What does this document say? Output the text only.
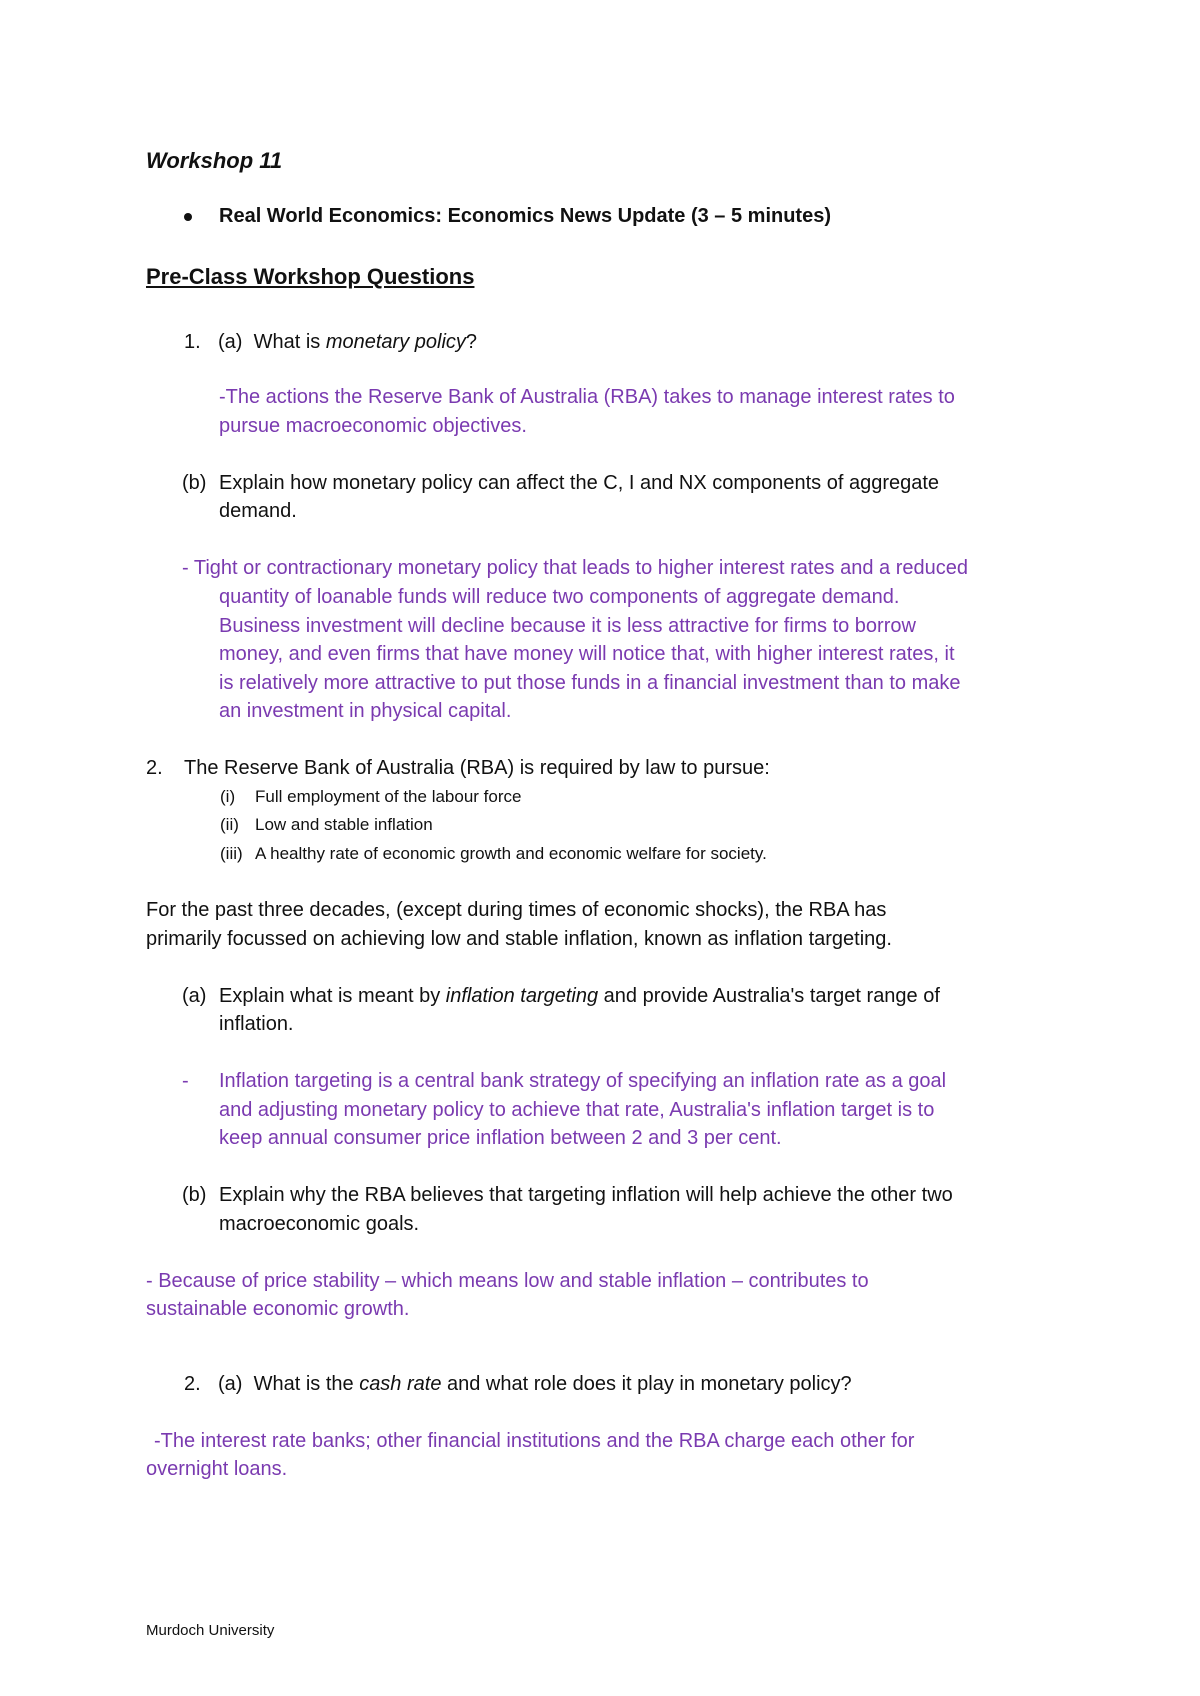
Workshop 11
Real World Economics: Economics News Update (3 – 5 minutes)
Pre-Class Workshop Questions
1. (a) What is monetary policy?
-The actions the Reserve Bank of Australia (RBA) takes to manage interest rates to
pursue macroeconomic objectives.
(b) Explain how monetary policy can affect the C, I and NX components of aggregate
demand.
- Tight or contractionary monetary policy that leads to higher interest rates and a reduced
quantity of loanable funds will reduce two components of aggregate demand.
Business investment will decline because it is less attractive for firms to borrow
money, and even firms that have money will notice that, with higher interest rates, it
is relatively more attractive to put those funds in a financial investment than to make
an investment in physical capital.
2. The Reserve Bank of Australia (RBA) is required by law to pursue:
(i) Full employment of the labour force
(ii) Low and stable inflation
(iii) A healthy rate of economic growth and economic welfare for society.
For the past three decades, (except during times of economic shocks), the RBA has
primarily focussed on achieving low and stable inflation, known as inflation targeting.
(a) Explain what is meant by inflation targeting and provide Australia's target range of
inflation.
- Inflation targeting is a central bank strategy of specifying an inflation rate as a goal
and adjusting monetary policy to achieve that rate, Australia's inflation target is to
keep annual consumer price inflation between 2 and 3 per cent.
(b) Explain why the RBA believes that targeting inflation will help achieve the other two
macroeconomic goals.
- Because of price stability – which means low and stable inflation – contributes to
sustainable economic growth.
2. (a) What is the cash rate and what role does it play in monetary policy?
-The interest rate banks; other financial institutions and the RBA charge each other for
overnight loans.
Murdoch University
